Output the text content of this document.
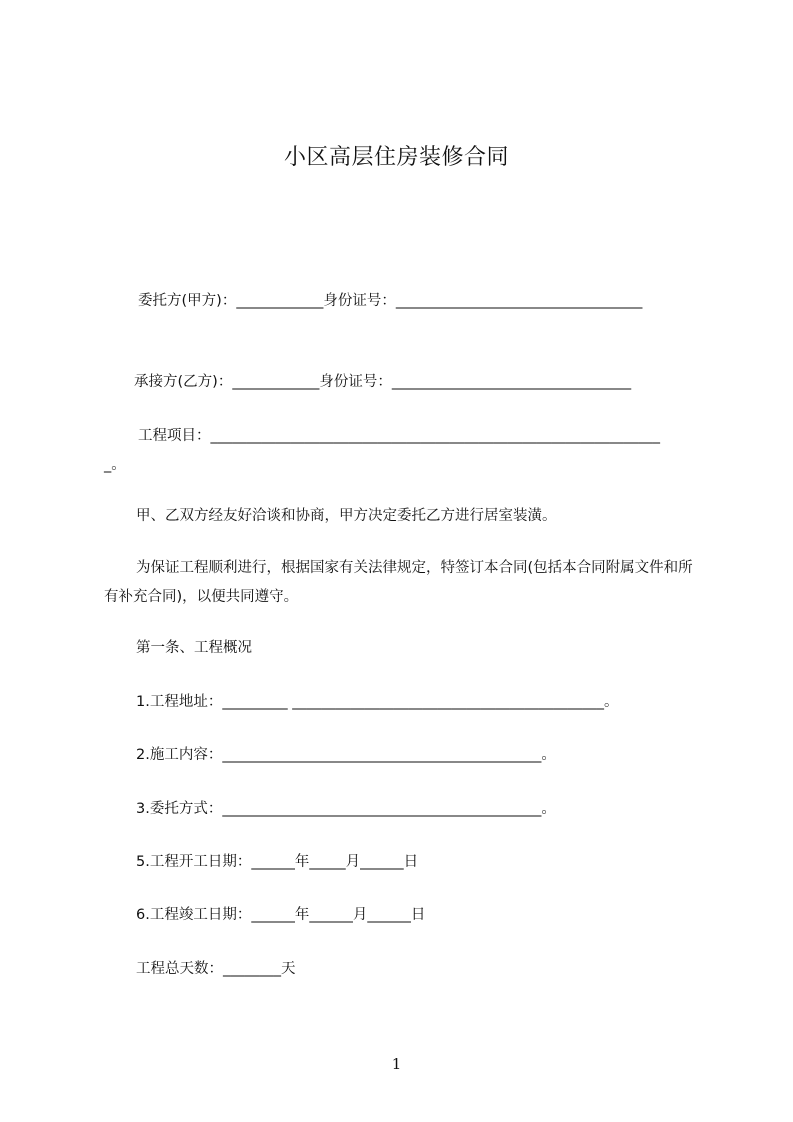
小区高层住房装修合同
委托方(甲方)：____________身份证号：__________________________________
承接方(乙方)：____________身份证号：_________________________________
工程项目：______________________________________________________________
_。
甲、乙双方经友好洽谈和协商，甲方决定委托乙方进行居室装潢。
为保证工程顺利进行，根据国家有关法律规定，特签订本合同(包括本合同附属文件和所有补充合同)，以便共同遵守。
第一条、工程概况
1.工程地址：_________ ___________________________________________。
2.施工内容：____________________________________________。
3.委托方式：____________________________________________。
5.工程开工日期：______年_____月______日
6.工程竣工日期：______年______月______日
工程总天数：________天
1
